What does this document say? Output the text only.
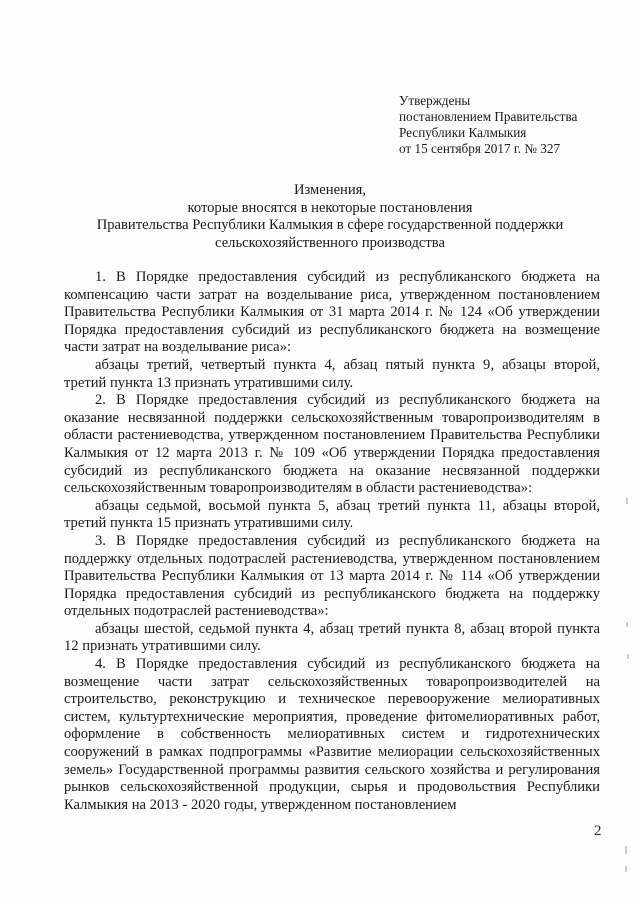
Утверждены
постановлением Правительства
Республики Калмыкия
от 15 сентября 2017 г. № 327
Изменения,
которые вносятся в некоторые постановления
Правительства Республики Калмыкия в сфере государственной поддержки
сельскохозяйственного производства

1. В Порядке предоставления субсидий из республиканского бюджета на компенсацию части затрат на возделывание риса, утвержденном постановлением Правительства Республики Калмыкия от 31 марта 2014 г. № 124 «Об утверждении Порядка предоставления субсидий из республиканского бюджета на возмещение части затрат на возделывание риса»:

абзацы третий, четвертый пункта 4, абзац пятый пункта 9, абзацы второй, третий пункта 13 признать утратившими силу.

2. В Порядке предоставления субсидий из республиканского бюджета на оказание несвязанной поддержки сельскохозяйственным товаропроизводителям в области растениеводства, утвержденном постановлением Правительства Республики Калмыкия от 12 марта 2013 г. № 109 «Об утверждении Порядка предоставления субсидий из республиканского бюджета на оказание несвязанной поддержки сельскохозяйственным товаропроизводителям в области растениеводства»:

абзацы седьмой, восьмой пункта 5, абзац третий пункта 11, абзацы второй, третий пункта 15 признать утратившими силу.

3. В Порядке предоставления субсидий из республиканского бюджета на поддержку отдельных подотраслей растениеводства, утвержденном постановлением Правительства Республики Калмыкия от 13 марта 2014 г. № 114 «Об утверждении Порядка предоставления субсидий из республиканского бюджета на поддержку отдельных подотраслей растениеводства»:

абзацы шестой, седьмой пункта 4, абзац третий пункта 8, абзац второй пункта 12 признать утратившими силу.

4. В Порядке предоставления субсидий из республиканского бюджета на возмещение части затрат сельскохозяйственных товаропроизводителей на строительство, реконструкцию и техническое перевооружение мелиоративных систем, культуртехнические мероприятия, проведение фитомелиоративных работ, оформление в собственность мелиоративных систем и гидротехнических сооружений в рамках подпрограммы «Развитие мелиорации сельскохозяйственных земель» Государственной программы развития сельского хозяйства и регулирования рынков сельскохозяйственной продукции, сырья и продовольствия Республики Калмыкия на 2013 - 2020 годы, утвержденном постановлением

2
